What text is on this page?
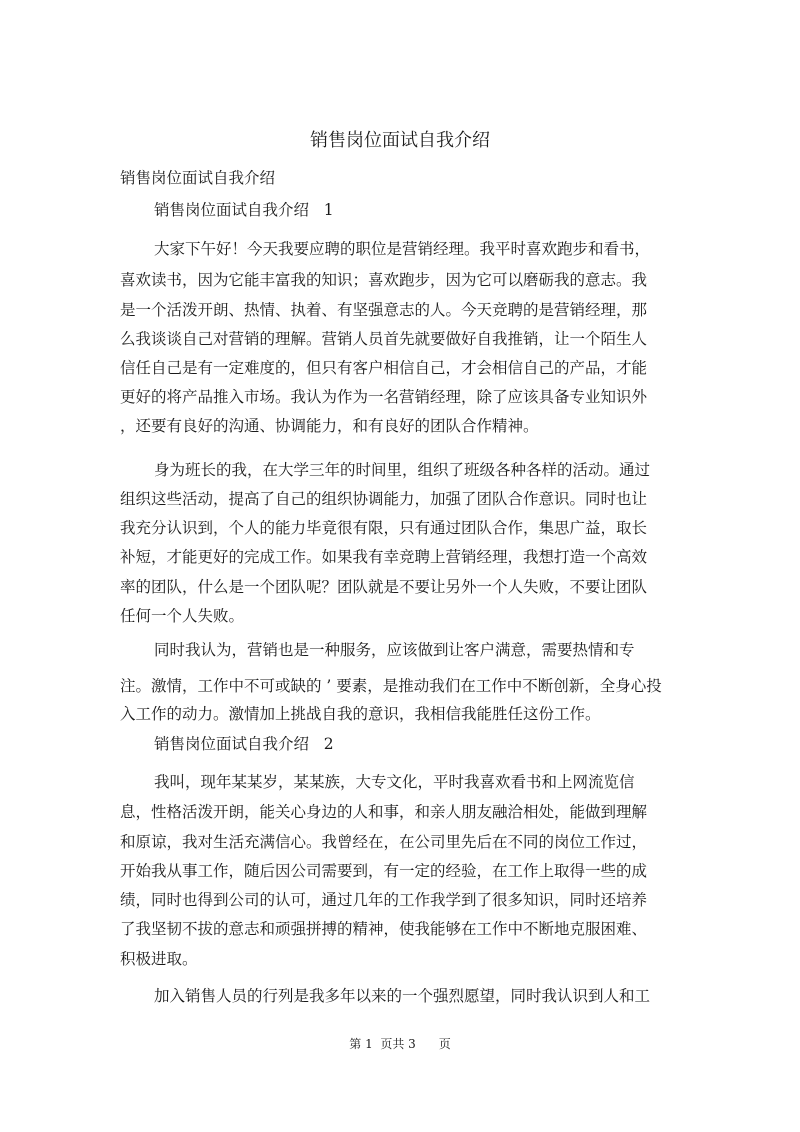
销售岗位面试自我介绍
销售岗位面试自我介绍
销售岗位面试自我介绍   1
大家下午好！今天我要应聘的职位是营销经理。我平时喜欢跑步和看书，
喜欢读书，因为它能丰富我的知识；喜欢跑步，因为它可以磨砺我的意志。我
是一个活泼开朗、热情、执着、有坚强意志的人。今天竞聘的是营销经理，那
么我谈谈自己对营销的理解。营销人员首先就要做好自我推销，让一个陌生人
信任自己是有一定难度的，但只有客户相信自己，才会相信自己的产品，才能
更好的将产品推入市场。我认为作为一名营销经理，除了应该具备专业知识外
，还要有良好的沟通、协调能力，和有良好的团队合作精神。
身为班长的我，在大学三年的时间里，组织了班级各种各样的活动。通过
组织这些活动，提高了自己的组织协调能力，加强了团队合作意识。同时也让
我充分认识到，个人的能力毕竟很有限，只有通过团队合作，集思广益，取长
补短，才能更好的完成工作。如果我有幸竞聘上营销经理，我想打造一个高效
率的团队，什么是一个团队呢？团队就是不要让另外一个人失败，不要让团队
任何一个人失败。
同时我认为，营销也是一种服务，应该做到让客户满意，需要热情和专
注。激情，工作中不可或缺的 ’ 要素，是推动我们在工作中不断创新，全身心投
入工作的动力。激情加上挑战自我的意识，我相信我能胜任这份工作。
销售岗位面试自我介绍   2
我叫，现年某某岁，某某族，大专文化，平时我喜欢看书和上网流览信
息，性格活泼开朗，能关心身边的人和事，和亲人朋友融洽相处，能做到理解
和原谅，我对生活充满信心。我曾经在，在公司里先后在不同的岗位工作过，
开始我从事工作，随后因公司需要到，有一定的经验，在工作上取得一些的成
绩，同时也得到公司的认可，通过几年的工作我学到了很多知识，同时还培养
了我坚韧不拔的意志和顽强拼搏的精神，使我能够在工作中不断地克服困难、
积极进取。
加入销售人员的行列是我多年以来的一个强烈愿望，同时我认识到人和工
第 1  页共 3      页
